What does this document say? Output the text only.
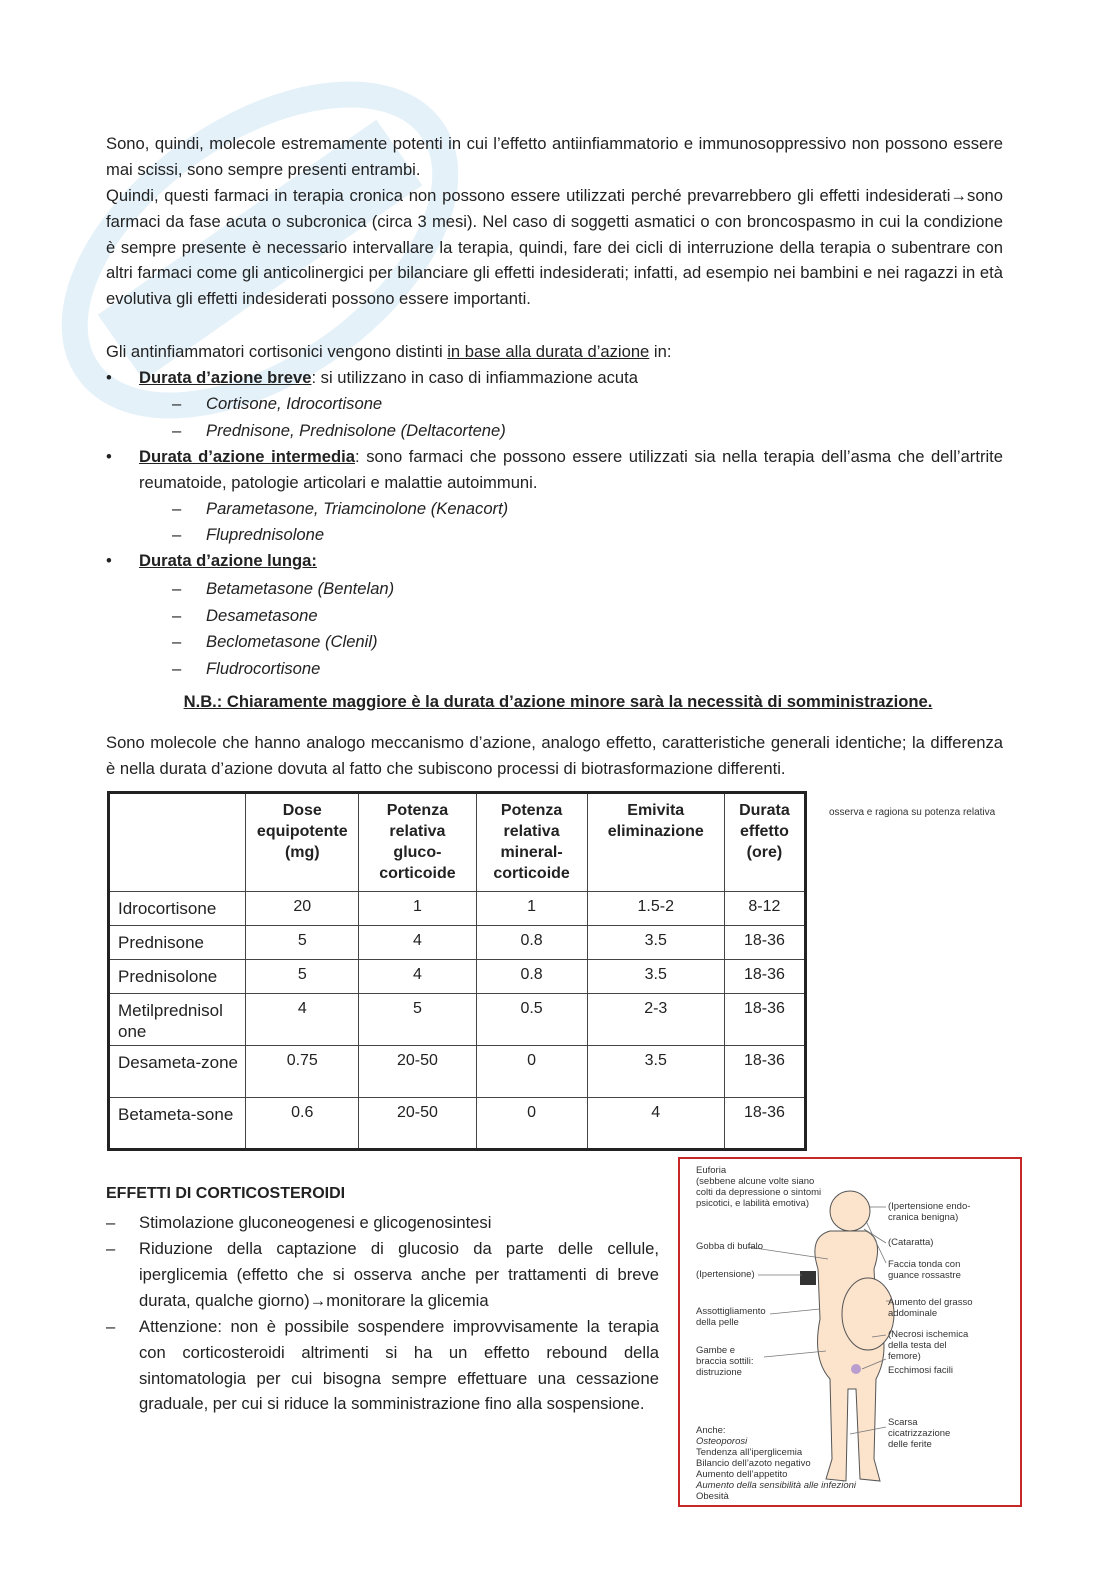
Sono, quindi, molecole estremamente potenti in cui l’effetto antiinfiammatorio e immunosoppressivo non possono essere mai scissi, sono sempre presenti entrambi.

Quindi, questi farmaci in terapia cronica non possono essere utilizzati perché prevarrebbero gli effetti indesiderati→sono farmaci da fase acuta o subcronica (circa 3 mesi). Nel caso di soggetti asmatici o con broncospasmo in cui la condizione è sempre presente è necessario intervallare la terapia, quindi, fare dei cicli di interruzione della terapia o subentrare con altri farmaci come gli anticolinergici per bilanciare gli effetti indesiderati; infatti, ad esempio nei bambini e nei ragazzi in età evolutiva gli effetti indesiderati possono essere importanti.

Gli antinfiammatori cortisonici vengono distinti in base alla durata d’azione in:

• Durata d’azione breve: si utilizzano in caso di infiammazione acuta

– Cortisone, Idrocortisone
– Prednisone, Prednisolone (Deltacortene)
• Durata d’azione intermedia: sono farmaci che possono essere utilizzati sia nella terapia dell’asma che dell’artrite reumatoide, patologie articolari e malattie autoimmuni.

– Parametasone, Triamcinolone (Kenacort)
– Fluprednisolone
• Durata d’azione lunga:

– Betametasone (Bentelan)
– Desametasone
– Beclometasone (Clenil)
– Fludrocortisone
N.B.: Chiaramente maggiore è la durata d’azione minore sarà la necessità di somministrazione.

Sono molecole che hanno analogo meccanismo d’azione, analogo effetto, caratteristiche generali identiche; la differenza è nella durata d’azione dovuta al fatto che subiscono processi di biotrasformazione differenti.

	Dose equipotente (mg)	Potenza relativa gluco-corticoide	Potenza relativa mineral-corticoide	Emivita eliminazione	Durata effetto (ore)
Idrocortisone	20	1	1	1.5-2	8-12
Prednisone	5	4	0.8	3.5	18-36
Prednisolone	5	4	0.8	3.5	18-36
Metilprednisol one	4	5	0.5	2-3	18-36
Desameta-zone	0.75	20-50	0	3.5	18-36
Betameta-sone	0.6	20-50	0	4	18-36
osserva e ragiona su potenza relativa
EFFETTI DI CORTICOSTEROIDI
– Stimolazione gluconeogenesi e glicogenosintesi

– Riduzione della captazione di glucosio da parte delle cellule, iperglicemia (effetto che si osserva anche per trattamenti di breve durata, qualche giorno)→monitorare la glicemia

– Attenzione: non è possibile sospendere improvvisamente la terapia con corticosteroidi altrimenti si ha un effetto rebound della sintomatologia per cui bisogna sempre effettuare una cessazione graduale, per cui si riduce la somministrazione fino alla sospensione.

Euforia
(sebbene alcune volte siano colti da depressione o sintomi psicotici, e labilità emotiva)
Gobba di bufalo
(Ipertensione)
Assottigliamento della pelle
Gambe e braccia sottili: distruzione
Anche:
Osteoporosi
Tendenza all’iperglicemia
Bilancio dell’azoto negativo
Aumento dell’appetito
Aumento della sensibilità alle infezioni
Obesità
(Ipertensione endo-cranica benigna)
(Cataratta)
Faccia tonda con guance rossastre
Aumento del grasso addominale
(Necrosi ischemica della testa del femore)
Ecchimosi facili
Scarsa cicatrizzazione delle ferite
